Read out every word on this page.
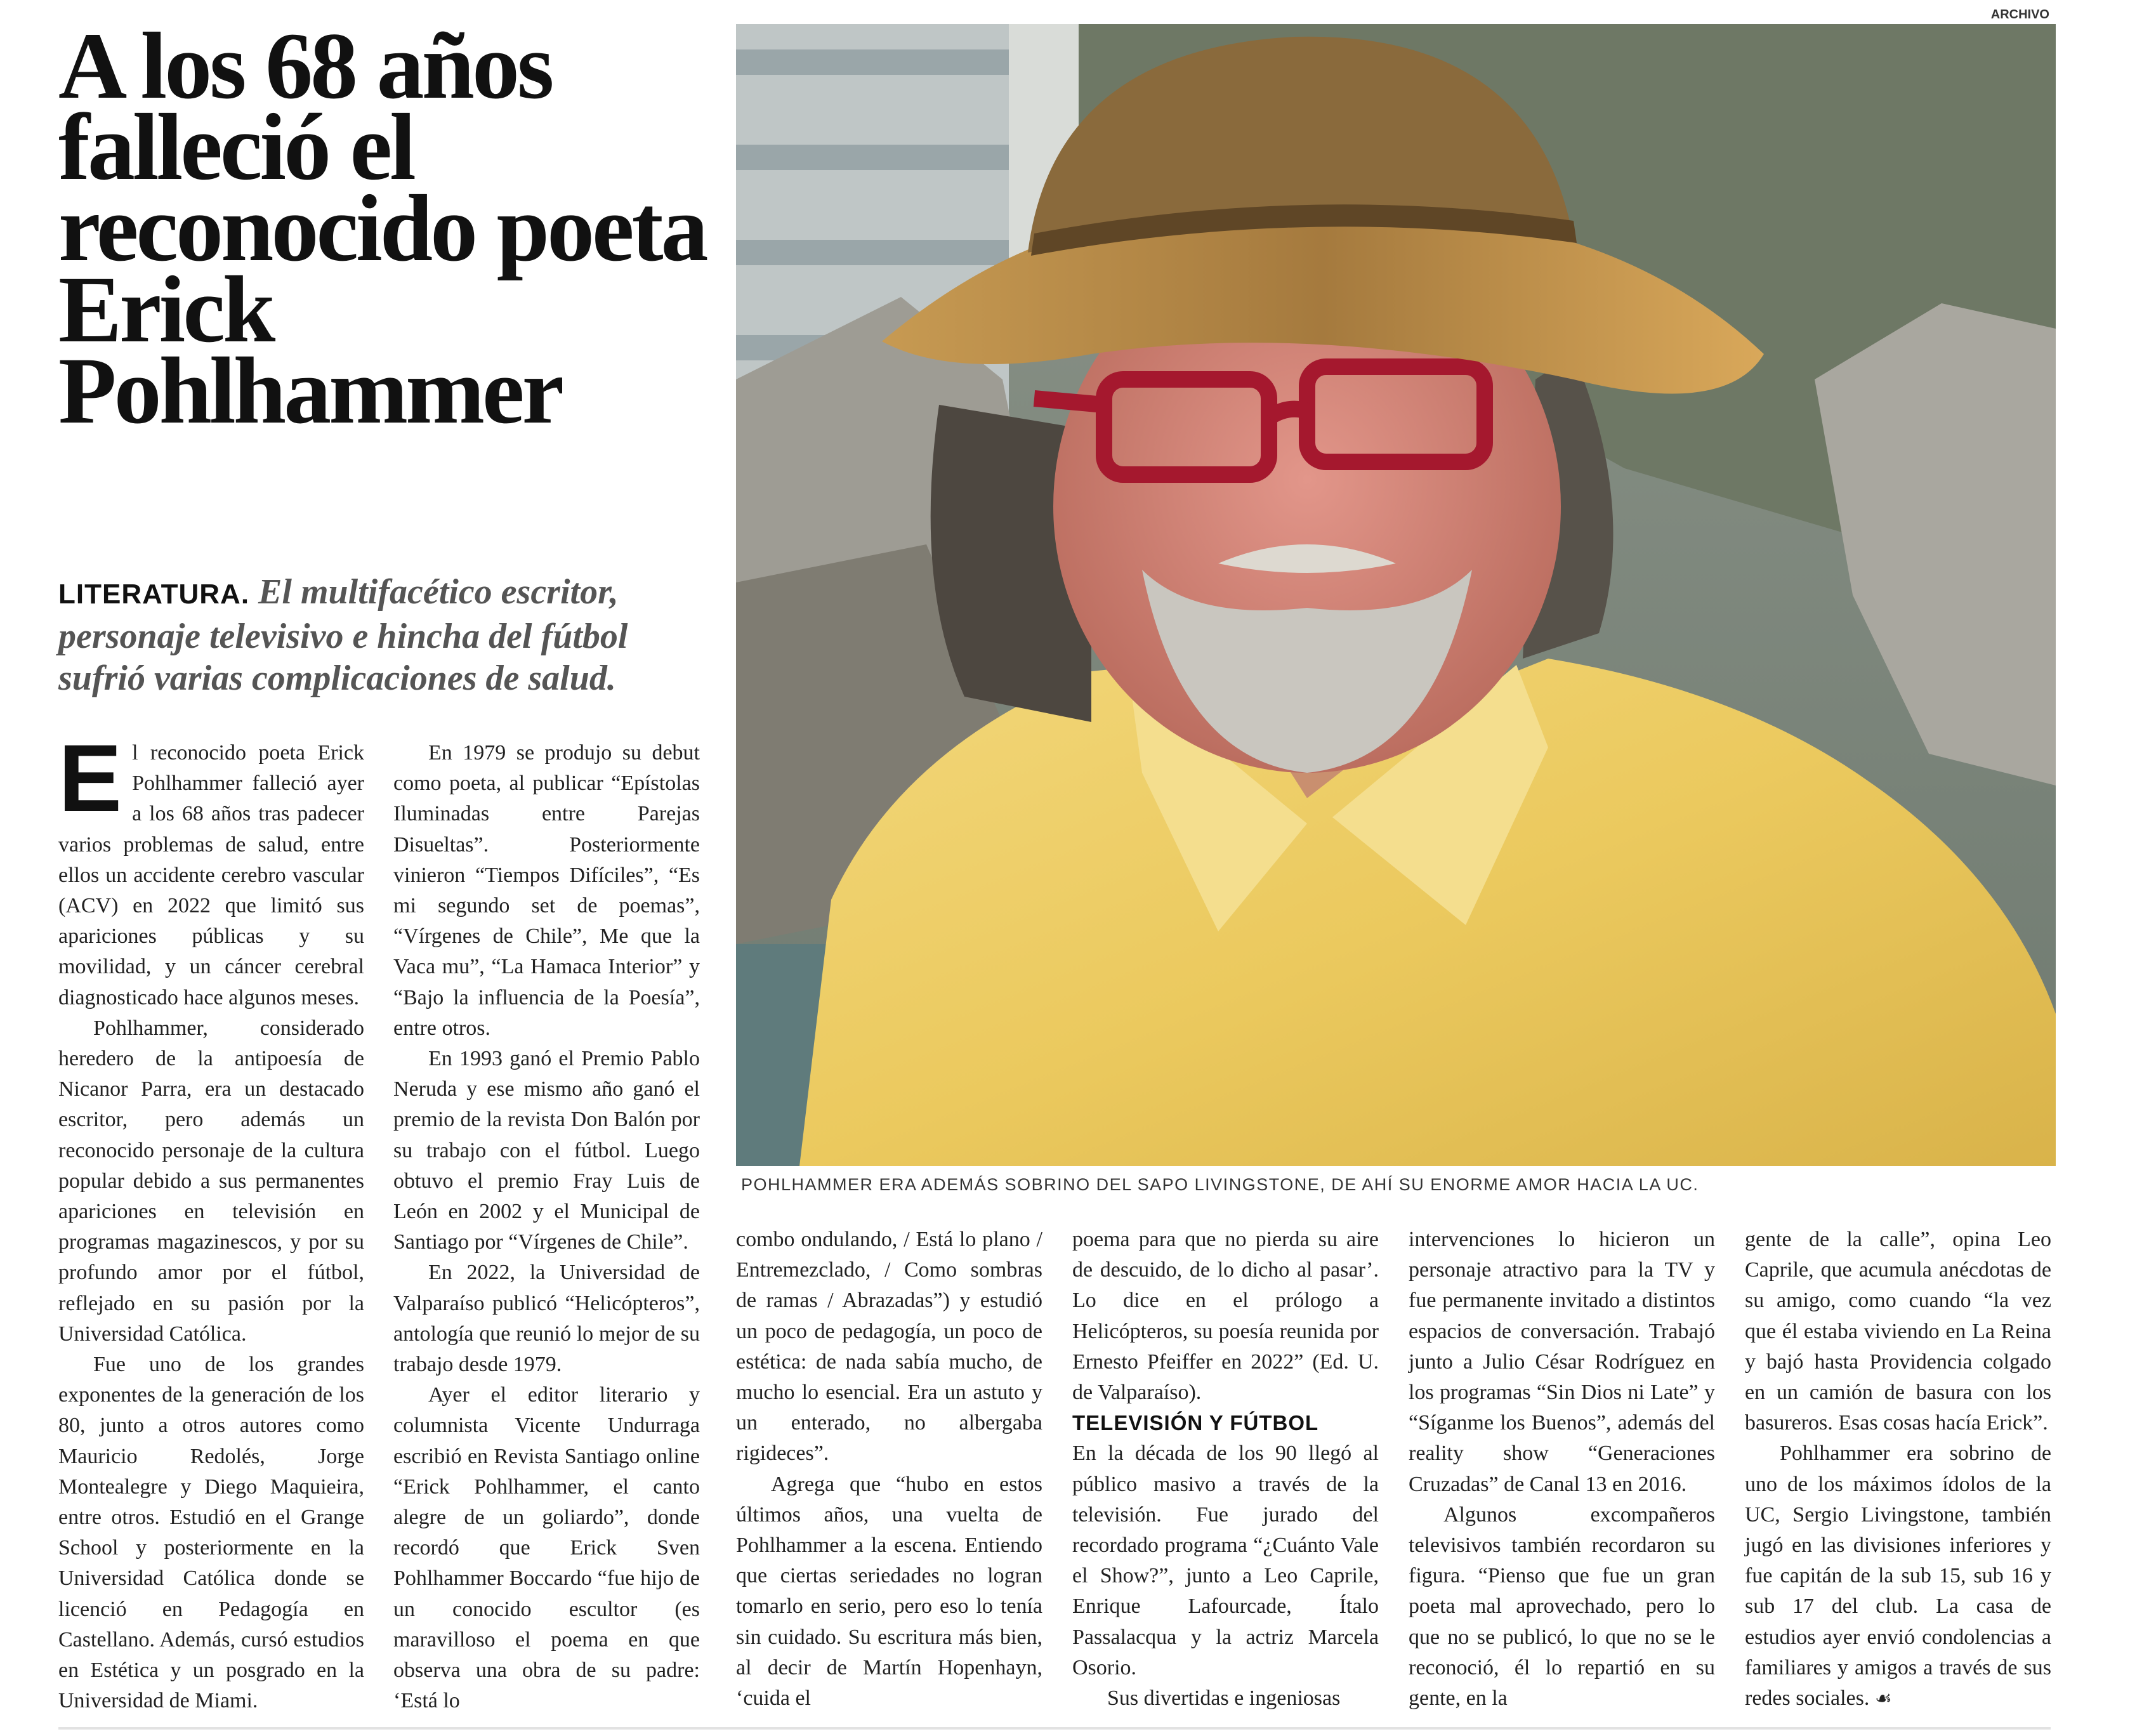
A los 68 años falleció el reconocido poeta Erick Pohlhammer

LITERATURA. El multifacético escritor, personaje televisivo e hincha del fútbol sufrió varias complicaciones de salud.

ARCHIVO

POHLHAMMER ERA ADEMÁS SOBRINO DEL SAPO LIVINGSTONE, DE AHÍ SU ENORME AMOR HACIA LA UC.

El reconocido poeta Erick Pohlhammer falleció ayer a los 68 años tras padecer varios problemas de salud, entre ellos un accidente cerebro vascular (ACV) en 2022 que limitó sus apariciones públicas y su movilidad, y un cáncer cerebral diagnosticado hace algunos meses.

Pohlhammer, considerado heredero de la antipoesía de Nicanor Parra, era un destacado escritor, pero además un reconocido personaje de la cultura popular debido a sus permanentes apariciones en televisión en programas magazinescos, y por su profundo amor por el fútbol, reflejado en su pasión por la Universidad Católica.

Fue uno de los grandes exponentes de la generación de los 80, junto a otros autores como Mauricio Redolés, Jorge Montealegre y Diego Maquieira, entre otros. Estudió en el Grange School y posteriormente en la Universidad Católica donde se licenció en Pedagogía en Castellano. Además, cursó estudios en Estética y un posgrado en la Universidad de Miami.

En 1979 se produjo su debut como poeta, al publicar “Epístolas Iluminadas entre Parejas Disueltas”. Posteriormente vinieron “Tiempos Difíciles”, “Es mi segundo set de poemas”, “Vírgenes de Chile”, Me que la Vaca mu”, “La Hamaca Interior” y “Bajo la influencia de la Poesía”, entre otros.

En 1993 ganó el Premio Pablo Neruda y ese mismo año ganó el premio de la revista Don Balón por su trabajo con el fútbol. Luego obtuvo el premio Fray Luis de León en 2002 y el Municipal de Santiago por “Vírgenes de Chile”.

En 2022, la Universidad de Valparaíso publicó “Helicópteros”, antología que reunió lo mejor de su trabajo desde 1979.

Ayer el editor literario y columnista Vicente Undurraga escribió en Revista Santiago online “Erick Pohlhammer, el canto alegre de un goliardo”, donde recordó que Erick Sven Pohlhammer Boccardo “fue hijo de un conocido escultor (es maravilloso el poema en que observa una obra de su padre: ‘Está lo

combo ondulando, / Está lo plano / Entremezclado, / Como sombras de ramas / Abrazadas”) y estudió un poco de pedagogía, un poco de estética: de nada sabía mucho, de mucho lo esencial. Era un astuto y un enterado, no albergaba rigideces”.

Agrega que “hubo en estos últimos años, una vuelta de Pohlhammer a la escena. Entiendo que ciertas seriedades no logran tomarlo en serio, pero eso lo tenía sin cuidado. Su escritura más bien, al decir de Martín Hopenhayn, ‘cuida el

poema para que no pierda su aire de descuido, de lo dicho al pasar’. Lo dice en el prólogo a Helicópteros, su poesía reunida por Ernesto Pfeiffer en 2022” (Ed. U. de Valparaíso).

TELEVISIÓN Y FÚTBOL

En la década de los 90 llegó al público masivo a través de la televisión. Fue jurado del recordado programa “¿Cuánto Vale el Show?”, junto a Leo Caprile, Enrique Lafourcade, Ítalo Passalacqua y la actriz Marcela Osorio.

Sus divertidas e ingeniosas

intervenciones lo hicieron un personaje atractivo para la TV y fue permanente invitado a distintos espacios de conversación. Trabajó junto a Julio César Rodríguez en los programas “Sin Dios ni Late” y “Síganme los Buenos”, además del reality show “Generaciones Cruzadas” de Canal 13 en 2016.

Algunos excompañeros televisivos también recordaron su figura. “Pienso que fue un gran poeta mal aprovechado, pero lo que no se publicó, lo que no se le reconoció, él lo repartió en su gente, en la

gente de la calle”, opina Leo Caprile, que acumula anécdotas de su amigo, como cuando “la vez que él estaba viviendo en La Reina y bajó hasta Providencia colgado en un camión de basura con los basureros. Esas cosas hacía Erick”.

Pohlhammer era sobrino de uno de los máximos ídolos de la UC, Sergio Livingstone, también jugó en las divisiones inferiores y fue capitán de la sub 15, sub 16 y sub 17 del club. La casa de estudios ayer envió condolencias a familiares y amigos a través de sus redes sociales. ☙
